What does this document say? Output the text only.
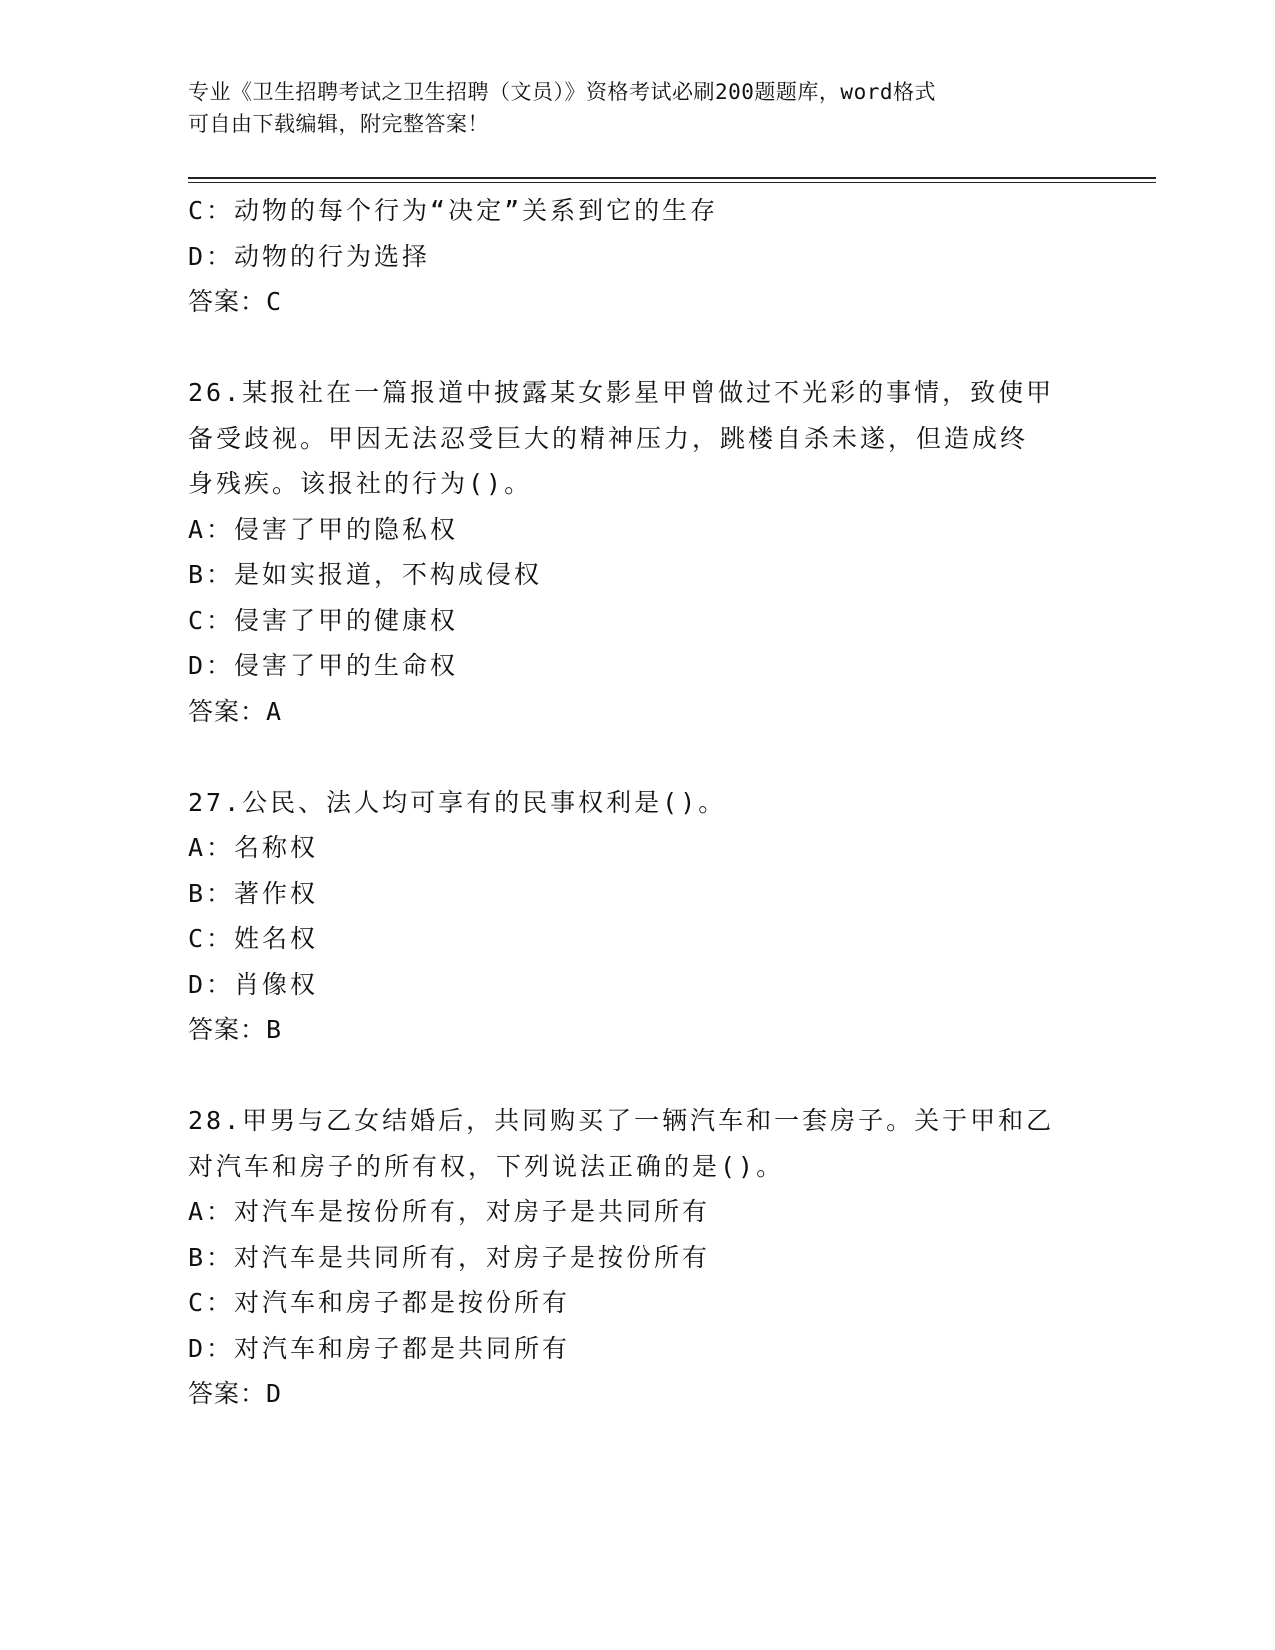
专业《卫生招聘考试之卫生招聘（文员）》资格考试必刷200题题库，word格式
可自由下载编辑，附完整答案！
C：动物的每个行为“决定”关系到它的生存
D：动物的行为选择
答案：C
26.某报社在一篇报道中披露某女影星甲曾做过不光彩的事情，致使甲
备受歧视。甲因无法忍受巨大的精神压力，跳楼自杀未遂，但造成终
身残疾。该报社的行为()。
A：侵害了甲的隐私权
B：是如实报道，不构成侵权
C：侵害了甲的健康权
D：侵害了甲的生命权
答案：A
27.公民、法人均可享有的民事权利是()。
A：名称权
B：著作权
C：姓名权
D：肖像权
答案：B
28.甲男与乙女结婚后，共同购买了一辆汽车和一套房子。关于甲和乙
对汽车和房子的所有权，下列说法正确的是()。
A：对汽车是按份所有，对房子是共同所有
B：对汽车是共同所有，对房子是按份所有
C：对汽车和房子都是按份所有
D：对汽车和房子都是共同所有
答案：D
